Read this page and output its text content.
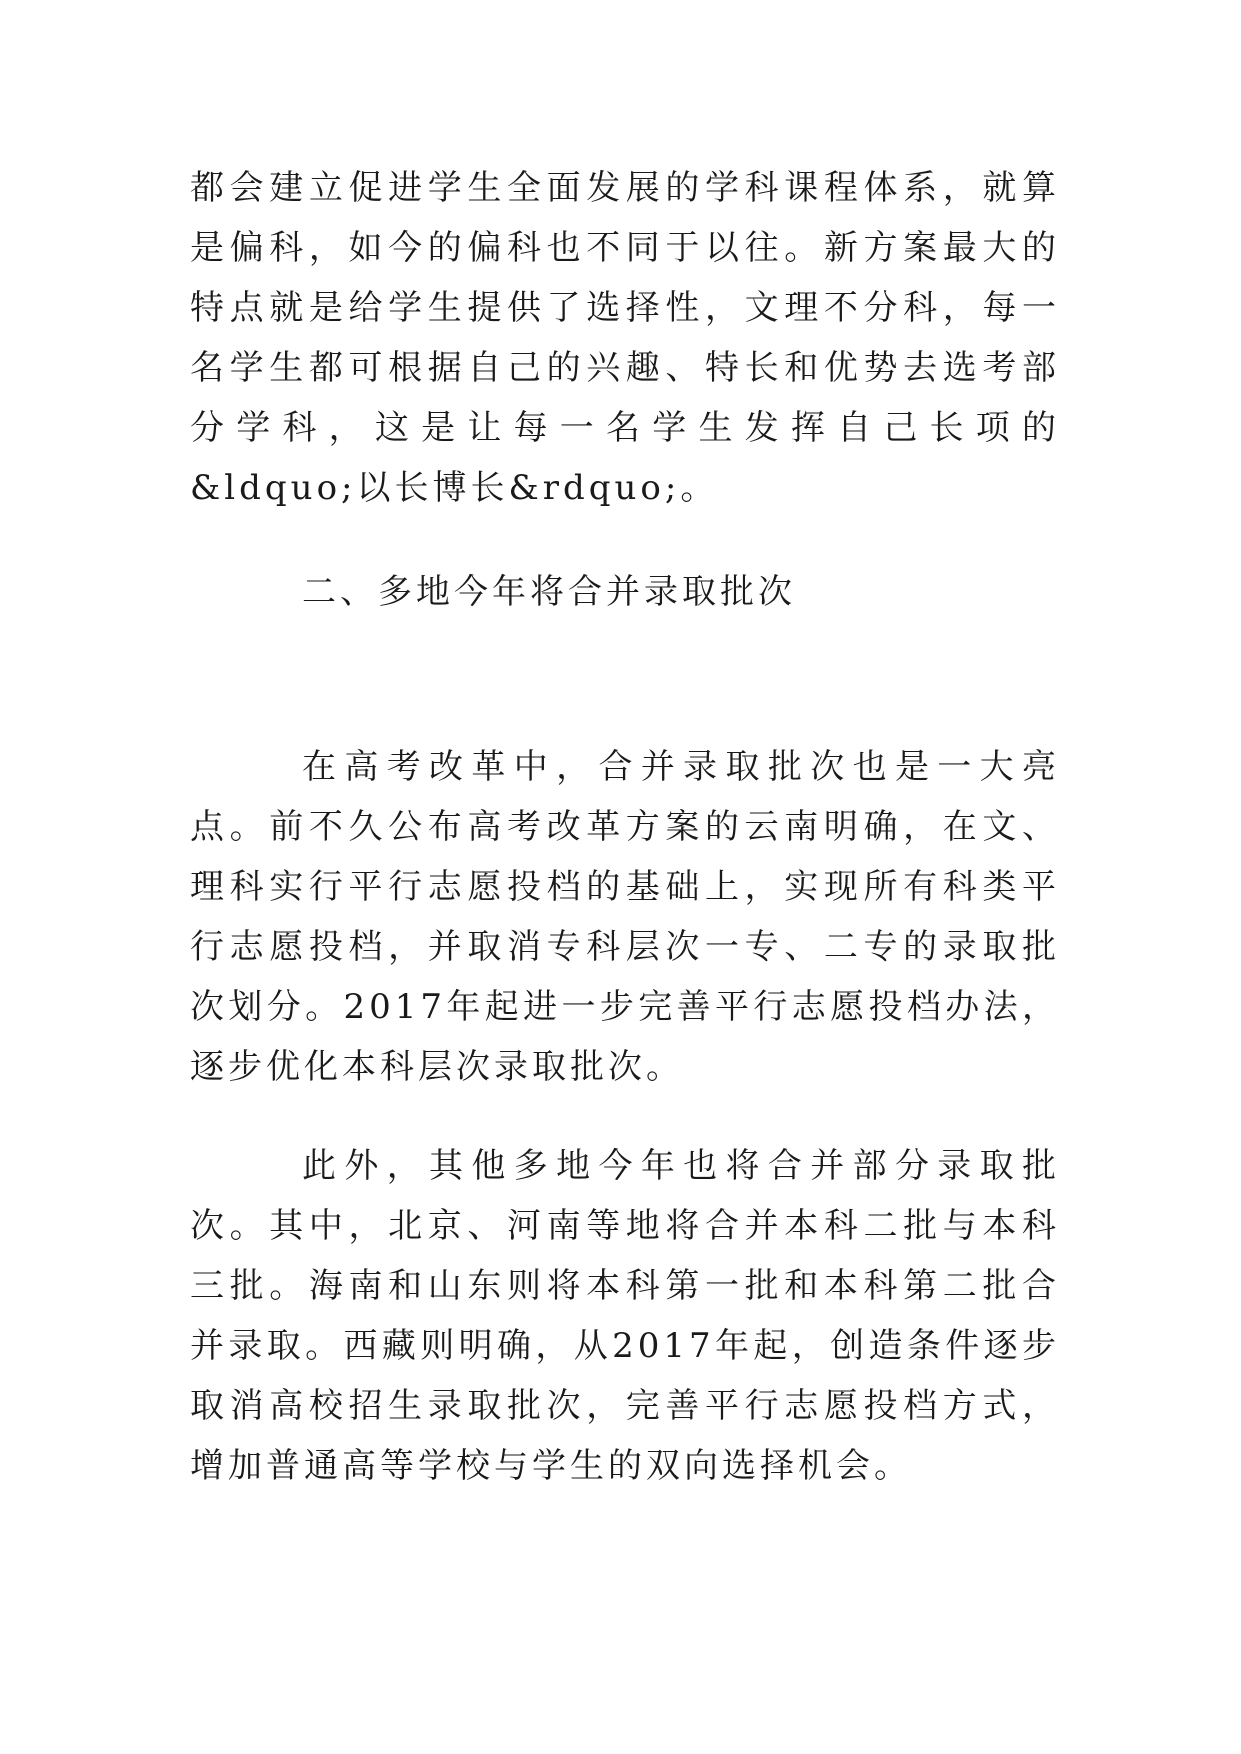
都会建立促进学生全面发展的学科课程体系，就算是偏科，如今的偏科也不同于以往。新方案最大的特点就是给学生提供了选择性，文理不分科，每一名学生都可根据自己的兴趣、特长和优势去选考部分学科，这是让每一名学生发挥自己长项的&ldquo;以长博长&rdquo;。

二、多地今年将合并录取批次

在高考改革中，合并录取批次也是一大亮点。前不久公布高考改革方案的云南明确，在文、理科实行平行志愿投档的基础上，实现所有科类平行志愿投档，并取消专科层次一专、二专的录取批次划分。2017年起进一步完善平行志愿投档办法，逐步优化本科层次录取批次。

此外，其他多地今年也将合并部分录取批次。其中，北京、河南等地将合并本科二批与本科三批。海南和山东则将本科第一批和本科第二批合并录取。西藏则明确，从2017年起，创造条件逐步取消高校招生录取批次，完善平行志愿投档方式，增加普通高等学校与学生的双向选择机会。
